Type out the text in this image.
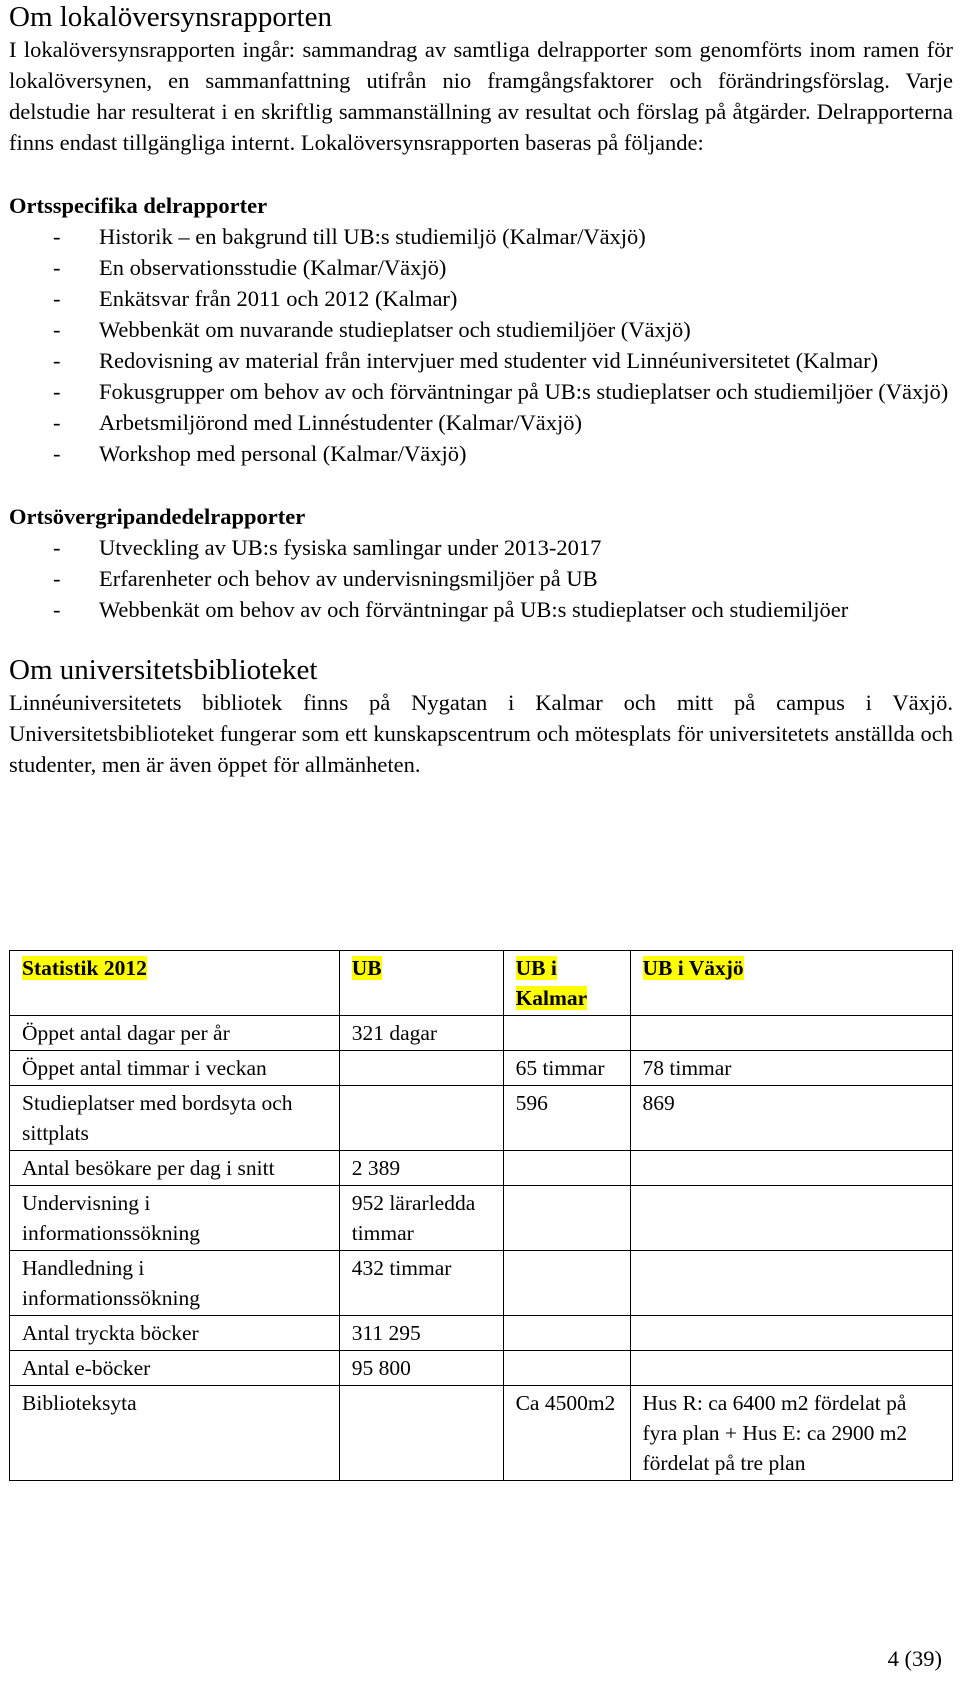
Om lokalöversynsrapporten

I lokalöversynsrapporten ingår: sammandrag av samtliga delrapporter som genomförts inom ramen för lokalöversynen, en sammanfattning utifrån nio framgångsfaktorer och förändringsförslag. Varje delstudie har resulterat i en skriftlig sammanställning av resultat och förslag på åtgärder. Delrapporterna finns endast tillgängliga internt. Lokalöversynsrapporten baseras på följande:

Ortsspecifika delrapporter

- Historik – en bakgrund till UB:s studiemiljö (Kalmar/Växjö)
- En observationsstudie (Kalmar/Växjö)
- Enkätsvar från 2011 och 2012 (Kalmar)
- Webbenkät om nuvarande studieplatser och studiemiljöer (Växjö)
- Redovisning av material från intervjuer med studenter vid Linnéuniversitetet (Kalmar)
- Fokusgrupper om behov av och förväntningar på UB:s studieplatser och studiemiljöer (Växjö)
- Arbetsmiljörond med Linnéstudenter (Kalmar/Växjö)
- Workshop med personal (Kalmar/Växjö)

Ortsövergripandedelrapporter

- Utveckling av UB:s fysiska samlingar under 2013-2017
- Erfarenheter och behov av undervisningsmiljöer på UB
- Webbenkät om behov av och förväntningar på UB:s studieplatser och studiemiljöer
Om universitetsbiblioteket

Linnéuniversitetets bibliotek finns på Nygatan i Kalmar och mitt på campus i Växjö. Universitetsbiblioteket fungerar som ett kunskapscentrum och mötesplats för universitetets anställda och studenter, men är även öppet för allmänheten.

Statistik 2012	UB	UB i Kalmar	UB i Växjö
Öppet antal dagar per år	321 dagar		
Öppet antal timmar i veckan		65 timmar	78 timmar
Studieplatser med bordsyta och sittplats		596	869
Antal besökare per dag i snitt	2 389		
Undervisning i informationssökning	952 lärarledda timmar		
Handledning i informationssökning	432 timmar		
Antal tryckta böcker	311 295		
Antal e-böcker	95 800		
Biblioteksyta		Ca 4500m2	Hus R: ca 6400 m2 fördelat på fyra plan + Hus E: ca 2900 m2 fördelat på tre plan
4 (39)
